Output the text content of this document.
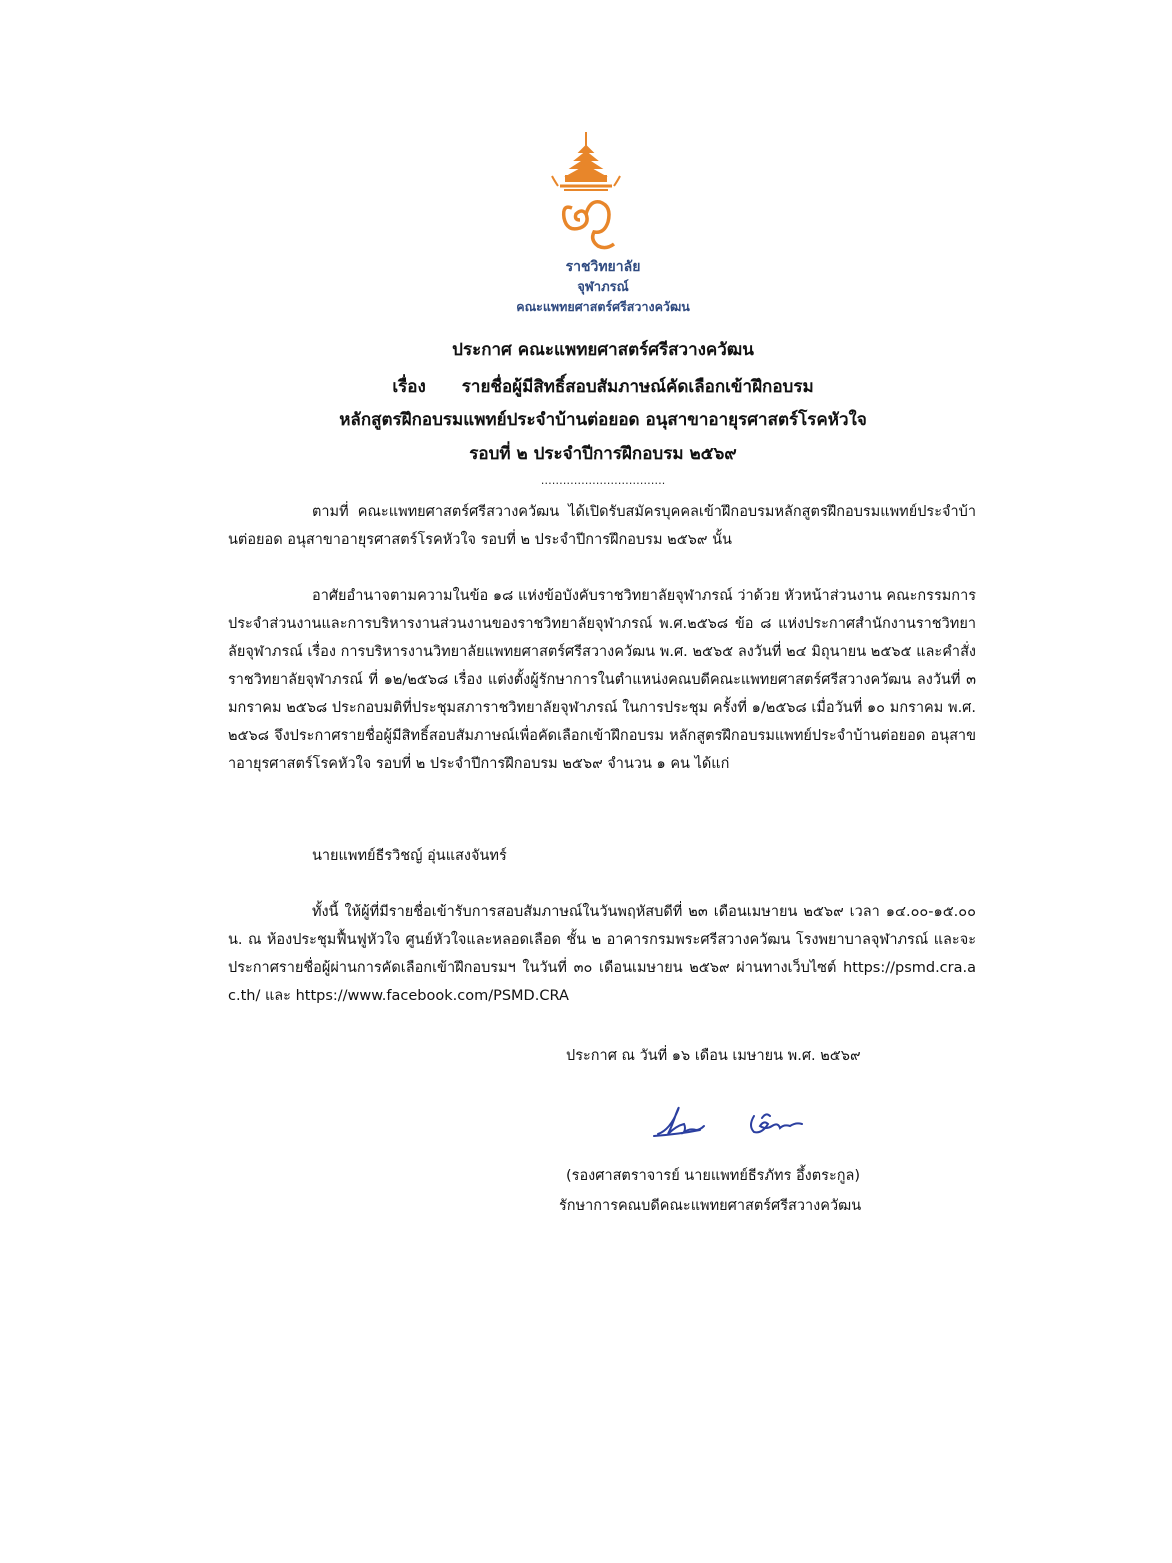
ราชวิทยาลัย
จุฬาภรณ์
คณะแพทยศาสตร์ศรีสวางควัฒน
ประกาศ คณะแพทยศาสตร์ศรีสวางควัฒน
เรื่อง รายชื่อผู้มีสิทธิ์สอบสัมภาษณ์คัดเลือกเข้าฝึกอบรม
หลักสูตรฝึกอบรมแพทย์ประจำบ้านต่อยอด อนุสาขาอายุรศาสตร์โรคหัวใจ
รอบที่ ๒ ประจำปีการฝึกอบรม ๒๕๖๙
…………………………….
ตามที่ คณะแพทยศาสตร์ศรีสวางควัฒน ได้เปิดรับสมัครบุคคลเข้าฝึกอบรมหลักสูตรฝึกอบรมแพทย์ประจำบ้านต่อยอด อนุสาขาอายุรศาสตร์โรคหัวใจ รอบที่ ๒ ประจำปีการฝึกอบรม ๒๕๖๙ นั้น
อาศัยอำนาจตามความในข้อ ๑๘ แห่งข้อบังคับราชวิทยาลัยจุฬาภรณ์ ว่าด้วย หัวหน้าส่วนงาน คณะกรรมการประจำส่วนงานและการบริหารงานส่วนงานของราชวิทยาลัยจุฬาภรณ์ พ.ศ.๒๕๖๘ ข้อ ๘ แห่งประกาศสำนักงานราชวิทยาลัยจุฬาภรณ์ เรื่อง การบริหารงานวิทยาลัยแพทยศาสตร์ศรีสวางควัฒน พ.ศ. ๒๕๖๕ ลงวันที่ ๒๔ มิถุนายน ๒๕๖๕ และคำสั่งราชวิทยาลัยจุฬาภรณ์ ที่ ๑๒/๒๕๖๘ เรื่อง แต่งตั้งผู้รักษาการในตำแหน่งคณบดีคณะแพทยศาสตร์ศรีสวางควัฒน ลงวันที่ ๓ มกราคม ๒๕๖๘ ประกอบมติที่ประชุมสภาราชวิทยาลัยจุฬาภรณ์ ในการประชุม ครั้งที่ ๑/๒๕๖๘ เมื่อวันที่ ๑๐ มกราคม พ.ศ. ๒๕๖๘ จึงประกาศรายชื่อผู้มีสิทธิ์สอบสัมภาษณ์เพื่อคัดเลือกเข้าฝึกอบรม หลักสูตรฝึกอบรมแพทย์ประจำบ้านต่อยอด อนุสาขาอายุรศาสตร์โรคหัวใจ รอบที่ ๒ ประจำปีการฝึกอบรม ๒๕๖๙ จำนวน ๑ คน ได้แก่
นายแพทย์ธีรวิชญ์ อุ่นแสงจันทร์
ทั้งนี้ ให้ผู้ที่มีรายชื่อเข้ารับการสอบสัมภาษณ์ในวันพฤหัสบดีที่ ๒๓ เดือนเมษายน ๒๕๖๙ เวลา ๑๔.๐๐-๑๕.๐๐ น. ณ ห้องประชุมฟื้นฟูหัวใจ ศูนย์หัวใจและหลอดเลือด ชั้น ๒ อาคารกรมพระศรีสวางควัฒน โรงพยาบาลจุฬาภรณ์ และจะประกาศรายชื่อผู้ผ่านการคัดเลือกเข้าฝึกอบรมฯ ในวันที่ ๓๐ เดือนเมษายน ๒๕๖๙ ผ่านทางเว็บไซต์ https://psmd.cra.ac.th/ และ https://www.facebook.com/PSMD.CRA
ประกาศ ณ วันที่ ๑๖ เดือน เมษายน พ.ศ. ๒๕๖๙
(รองศาสตราจารย์ นายแพทย์ธีรภัทร อึ้งตระกูล)
รักษาการคณบดีคณะแพทยศาสตร์ศรีสวางควัฒน
